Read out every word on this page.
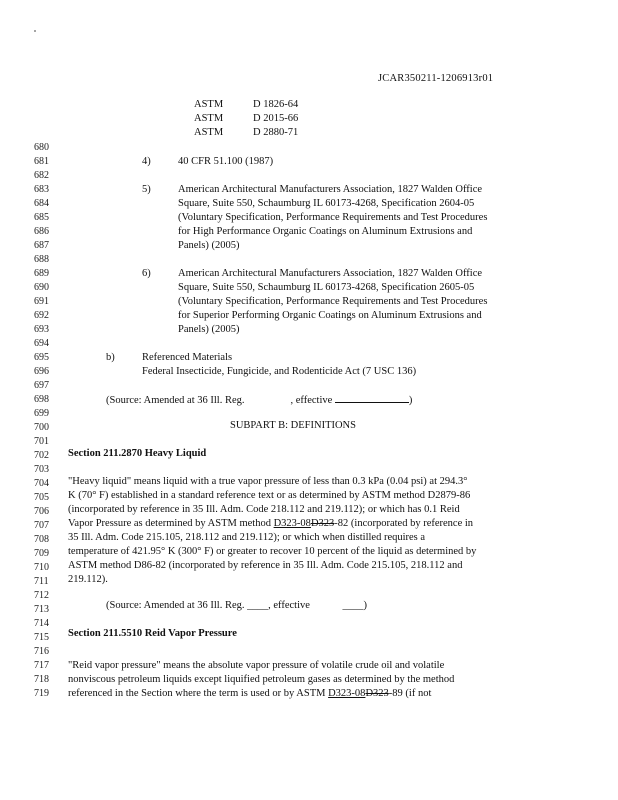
JCAR350211-1206913r01
ASTM	D 1826-64
ASTM	D 2015-66
ASTM	D 2880-71
680
681
682
683
684
685
686
687
688
689
690
691
692
693
694
695
696
697
698
699
700
701
702
703
704
705
706
707
708
709
710
711
712
713
714
715
716
717
718
719
4)	40 CFR 51.100 (1987)
5)	American Architectural Manufacturers Association, 1827 Walden Office
Square, Suite 550, Schaumburg IL 60173-4268, Specification 2604-05
(Voluntary Specification, Performance Requirements and Test Procedures
for High Performance Organic Coatings on Aluminum Extrusions and
Panels) (2005)
6)	American Architectural Manufacturers Association, 1827 Walden Office
Square, Suite 550, Schaumburg IL 60173-4268, Specification 2605-05
(Voluntary Specification, Performance Requirements and Test Procedures
for Superior Performing Organic Coatings on Aluminum Extrusions and
Panels) (2005)
b)	Referenced Materials
Federal Insecticide, Fungicide, and Rodenticide Act (7 USC 136)
(Source: Amended at 36 Ill. Reg.	, effective	)
SUBPART B: DEFINITIONS
Section 211.2870 Heavy Liquid
"Heavy liquid" means liquid with a true vapor pressure of less than 0.3 kPa (0.04 psi) at 294.3°
K (70° F) established in a standard reference text or as determined by ASTM method D2879-86
(incorporated by reference in 35 Ill. Adm. Code 218.112 and 219.112); or which has 0.1 Reid
Vapor Pressure as determined by ASTM method D323-08D323-82 (incorporated by reference in
35 Ill. Adm. Code 215.105, 218.112 and 219.112); or which when distilled requires a
temperature of 421.95° K (300° F) or greater to recover 10 percent of the liquid as determined by
ASTM method D86-82 (incorporated by reference in 35 Ill. Adm. Code 215.105, 218.112 and
219.112).
(Source: Amended at 36 Ill. Reg. ____, effective	____)
Section 211.5510 Reid Vapor Pressure
"Reid vapor pressure" means the absolute vapor pressure of volatile crude oil and volatile
nonviscous petroleum liquids except liquified petroleum gases as determined by the method
referenced in the Section where the term is used or by ASTM D323-08D323-89 (if not
